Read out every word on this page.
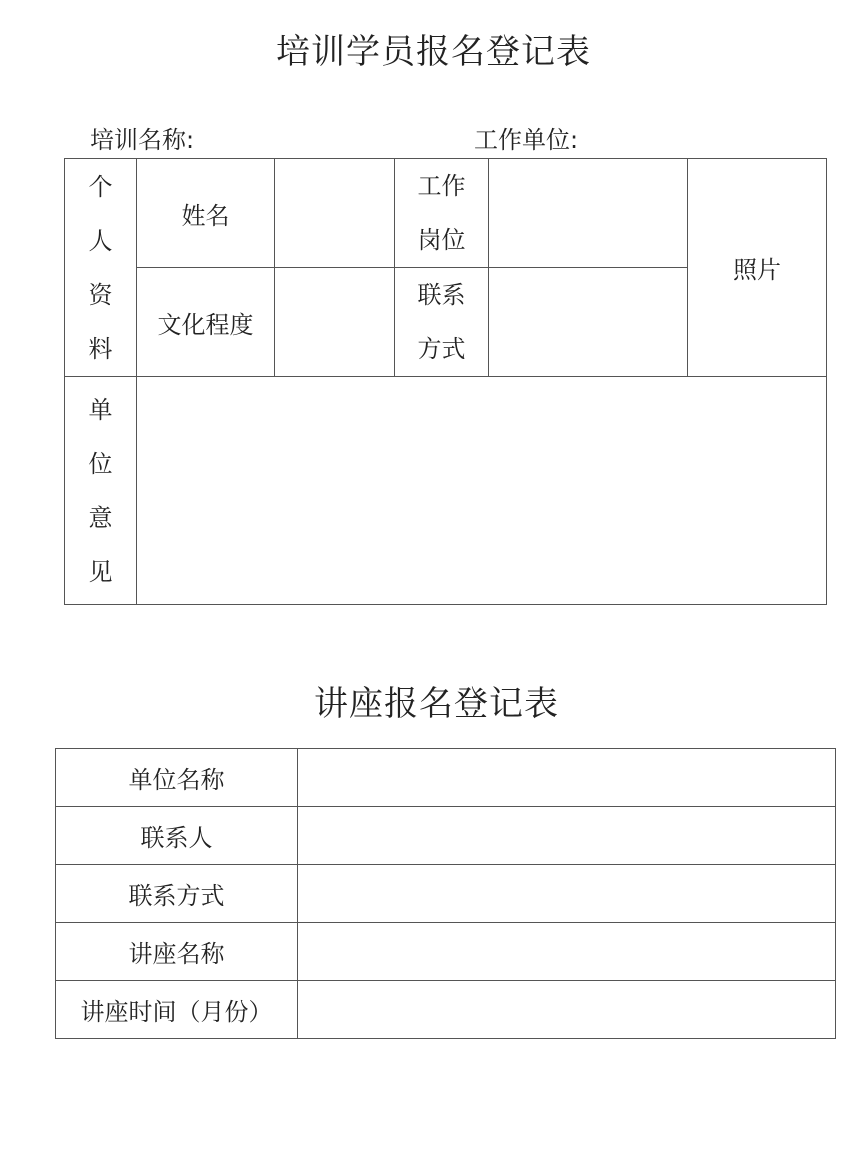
培训学员报名登记表
培训名称:	工作单位:
个人资料	姓名		工作岗位		照片
	文化程度		联系方式		
单位意见					
讲座报名登记表
单位名称	
联系人	
联系方式	
讲座名称	
讲座时间（月份）	
